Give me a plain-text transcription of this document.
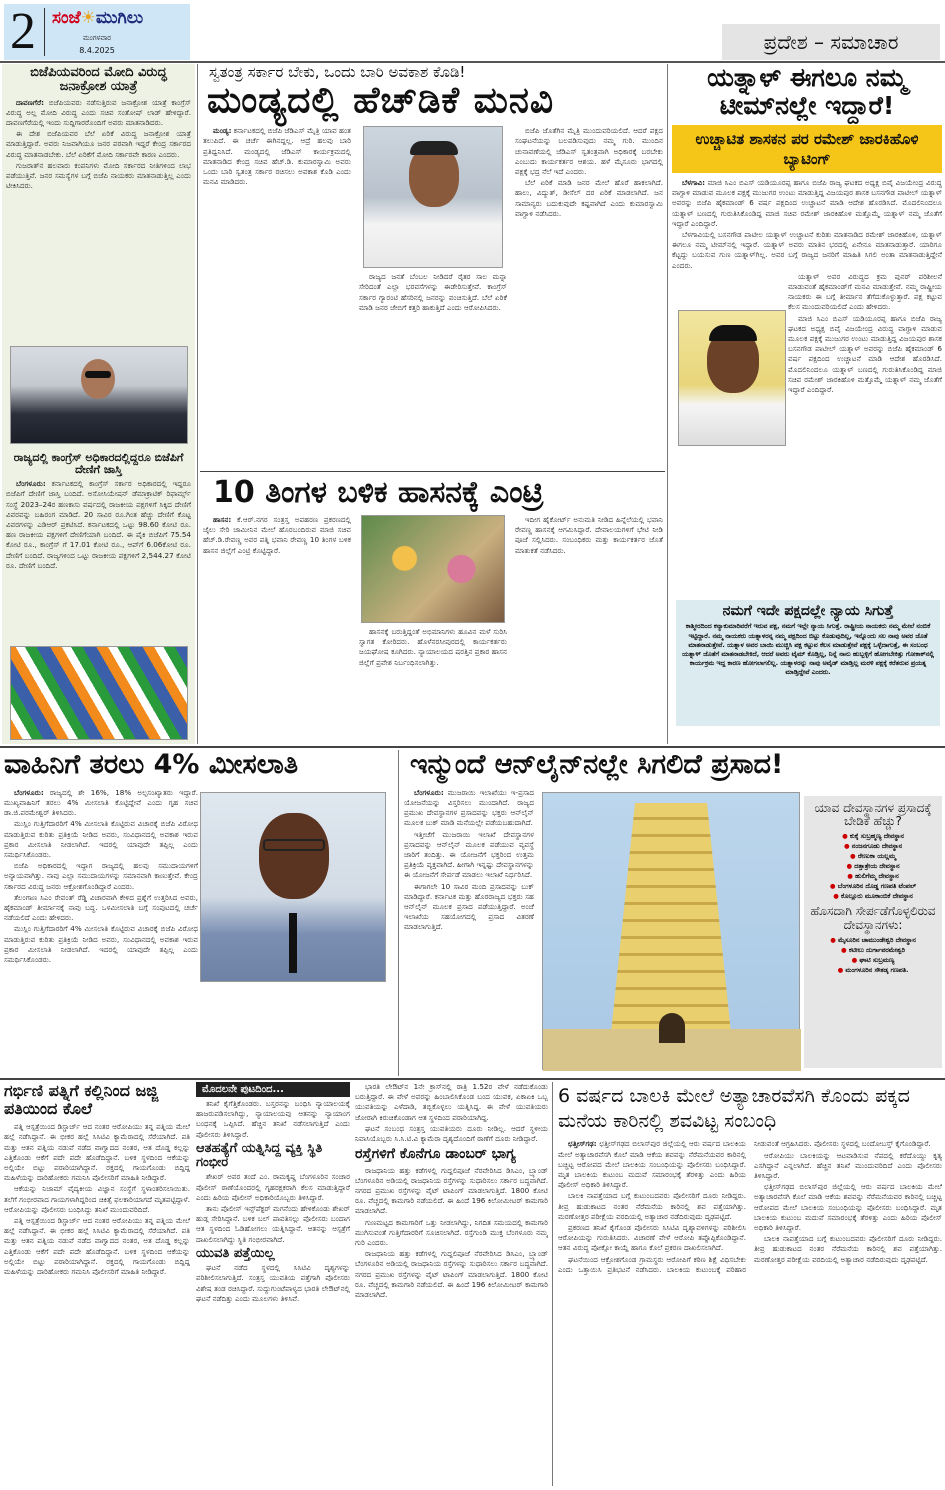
2 ಸಂಜೆ☀ಮುಗಿಲು
ಮಂಗಳವಾರ
8.4.2025	ಪ್ರದೇಶ – ಸಮಾಚಾರ
ಬಿಜೆಪಿಯವರಿಂದ ಮೋದಿ ವಿರುದ್ಧ ಜನಾಕ್ರೋಶ ಯಾತ್ರೆ

ದಾವಣಗೆರೆ: ಬಿಜೆಪಿಯವರು ನಡೆಸುತ್ತಿರುವ ಜನಾಕ್ರೋಶ ಯಾತ್ರೆ ಕಾಂಗ್ರೆಸ್ ವಿರುದ್ಧ ಅಲ್ಲ ಮೋದಿ ವಿರುದ್ಧ ಎಂದು ಸಚಿವ ಸಂತೋಷ್ ಲಾಡ್ ಹೇಳಿದ್ದಾರೆ. ದಾವಣಗೆರೆಯಲ್ಲಿ ಇಂದು ಸುದ್ದಿಗಾರರೊಂದಿಗೆ ಅವರು ಮಾತನಾಡಿದರು.

ಈ ದೇಶ ಬಿಜೆಪಿಯವರ ಬೆಲೆ ಏರಿಕೆ ವಿರುದ್ಧ ಜನಾಕ್ರೋಶ ಯಾತ್ರೆ ಮಾಡುತ್ತಿದ್ದಾರೆ. ಅವರು ನಿಜವಾಗಿಯೂ ಜನರ ಪರವಾಗಿ ಇದ್ದರೆ ಕೇಂದ್ರ ಸರ್ಕಾರದ ವಿರುದ್ಧ ಮಾತನಾಡಬೇಕು. ಬೆಲೆ ಏರಿಕೆಗೆ ಮೋದಿ ಸರ್ಕಾರವೇ ಕಾರಣ ಎಂದರು.

ಗುಜರಾತ್‌ನ ಹಲವಾರು ಕಂಪನಿಗಳು ಮೋದಿ ಸರ್ಕಾರದ ನೀತಿಗಳಿಂದ ಲಾಭ ಪಡೆಯುತ್ತಿವೆ. ಜನರ ಸಮಸ್ಯೆಗಳ ಬಗ್ಗೆ ಬಿಜೆಪಿ ನಾಯಕರು ಮಾತನಾಡುತ್ತಿಲ್ಲ ಎಂದು ಟೀಕಿಸಿದರು.

ರಾಜ್ಯದಲ್ಲಿ ಕಾಂಗ್ರೆಸ್ ಅಧಿಕಾರದಲ್ಲಿದ್ದರೂ ಬಿಜೆಪಿಗೆ ದೇಣಿಗೆ ಜಾಸ್ತಿ

ಬೆಂಗಳೂರು: ಕರ್ನಾಟಕದಲ್ಲಿ ಕಾಂಗ್ರೆಸ್ ಸರ್ಕಾರ ಅಧಿಕಾರದಲ್ಲಿ ಇದ್ದರೂ ಬಿಜೆಪಿಗೆ ದೇಣಿಗೆ ಜಾಸ್ತಿ ಬಂದಿದೆ. ಅಸೋಸಿಯೇಷನ್ ಡೆಮಾಕ್ರಾಟಿಕ್ ರಿಫಾರ್ಮ್ಸ್ ಸಂಸ್ಥೆ 2023–24ರ ಹಣಕಾಸು ವರ್ಷದಲ್ಲಿ ರಾಜಕೀಯ ಪಕ್ಷಗಳಿಗೆ ಸಿಕ್ಕಿದ ದೇಣಿಗೆ ವಿವರವನ್ನು ಬಹಿರಂಗ ಮಾಡಿದೆ. 20 ಸಾವಿರ ರೂ.ಗಿಂತ ಹೆಚ್ಚು ದೇಣಿಗೆ ಕೊಟ್ಟ ವಿವರಗಳನ್ನು ಎಡಿಆರ್ ಪ್ರಕಟಿಸಿದೆ. ಕರ್ನಾಟಕದಲ್ಲಿ ಒಟ್ಟು 98.60 ಕೋಟಿ ರೂ. ಹಣ ರಾಜಕೀಯ ಪಕ್ಷಗಳಿಗೆ ದೇಣಿಗೆಯಾಗಿ ಬಂದಿದೆ. ಈ ಪೈಕಿ ಬಿಜೆಪಿಗೆ 75.54 ಕೋಟಿ ರೂ., ಕಾಂಗ್ರೆಸ್ ಗೆ 17.01 ಕೋಟಿ ರೂ., ಆಪ್‌ಗೆ 6.06ಕೋಟಿ ರೂ. ದೇಣಿಗೆ ಬಂದಿದೆ. ರಾಜ್ಯಗಳಿಂದ ಒಟ್ಟು ರಾಜಕೀಯ ಪಕ್ಷಗಳಿಗೆ 2,544.27 ಕೋಟಿ ರೂ. ದೇಣಿಗೆ ಬಂದಿದೆ.

ಸ್ವತಂತ್ರ ಸರ್ಕಾರ ಬೇಕು, ಒಂದು ಬಾರಿ ಅವಕಾಶ ಕೊಡಿ!
ಮಂಡ್ಯದಲ್ಲಿ ಹೆಚ್‌ಡಿಕೆ ಮನವಿ

ಮಂಡ್ಯ: ಕರ್ನಾಟಕದಲ್ಲಿ ಬಿಜೆಪಿ ಜೆಡಿಎಸ್ ಮೈತ್ರಿ ಯಾವ ಹಂತ ತಲುಪಿದೆ. ಈ ಚರ್ಚೆ ಈಗಿನದ್ದಲ್ಲ. ಆದ್ರೆ ಹಲವು ಬಾರಿ ಪ್ರತಿಧ್ವನಿಸಿದೆ. ಮಂಡ್ಯದಲ್ಲಿ ಜೆಡಿಎಸ್ ಕಾರ್ಯಕ್ರಮದಲ್ಲಿ ಮಾತನಾಡಿದ ಕೇಂದ್ರ ಸಚಿವ ಹೆಚ್.ಡಿ. ಕುಮಾರಸ್ವಾಮಿ ಅವರು ಒಂದು ಬಾರಿ ಸ್ವತಂತ್ರ ಸರ್ಕಾರ ರಚಿಸಲು ಅವಕಾಶ ಕೊಡಿ ಎಂದು ಮನವಿ ಮಾಡಿದರು.

ರಾಜ್ಯದ ಜನತೆ ಬೆಂಬಲ ನೀಡಿದರೆ ರೈತರ ಸಾಲ ಮನ್ನಾ ಸೇರಿದಂತೆ ಎಲ್ಲಾ ಭರವಸೆಗಳನ್ನು ಈಡೇರಿಸುತ್ತೇವೆ. ಕಾಂಗ್ರೆಸ್ ಸರ್ಕಾರ ಗ್ಯಾರಂಟಿ ಹೆಸರಿನಲ್ಲಿ ಜನರನ್ನು ವಂಚಿಸುತ್ತಿದೆ. ಬೆಲೆ ಏರಿಕೆ ಮಾಡಿ ಜನರ ಜೇಬಿಗೆ ಕತ್ತರಿ ಹಾಕುತ್ತಿದೆ ಎಂದು ಆರೋಪಿಸಿದರು.

ಬಿಜೆಪಿ ಜೊತೆಗಿನ ಮೈತ್ರಿ ಮುಂದುವರಿಯಲಿದೆ. ಆದರೆ ಪಕ್ಷದ ಸಂಘಟನೆಯನ್ನು ಬಲಪಡಿಸುವುದು ನಮ್ಮ ಗುರಿ. ಮುಂದಿನ ಚುನಾವಣೆಯಲ್ಲಿ ಜೆಡಿಎಸ್ ಸ್ವತಂತ್ರವಾಗಿ ಅಧಿಕಾರಕ್ಕೆ ಬರಬೇಕು ಎಂಬುದು ಕಾರ್ಯಕರ್ತರ ಆಶಯ. ಹಳೆ ಮೈಸೂರು ಭಾಗದಲ್ಲಿ ಪಕ್ಷಕ್ಕೆ ಭದ್ರ ನೆಲೆ ಇದೆ ಎಂದರು.

ಬೆಲೆ ಏರಿಕೆ ಮಾಡಿ ಜನರ ಮೇಲೆ ಹೊರೆ ಹಾಕಲಾಗಿದೆ. ಹಾಲು, ವಿದ್ಯುತ್, ಡೀಸೆಲ್ ದರ ಏರಿಕೆ ಮಾಡಲಾಗಿದೆ. ಜನ ಸಾಮಾನ್ಯರು ಬದುಕುವುದೇ ಕಷ್ಟವಾಗಿದೆ ಎಂದು ಕುಮಾರಸ್ವಾಮಿ ವಾಗ್ದಾಳಿ ನಡೆಸಿದರು.

10 ತಿಂಗಳ ಬಳಿಕ ಹಾಸನಕ್ಕೆ ಎಂಟ್ರಿ

ಹಾಸನ: ಕೆ.ಆರ್.ನಗರ ಸಂತ್ರಸ್ತ ಅಪಹರಣ ಪ್ರಕರಣದಲ್ಲಿ ಜೈಲು ಸೇರಿ ಜಾಮೀನಿನ ಮೇಲೆ ಹೊರಬಂದಿರುವ ಮಾಜಿ ಸಚಿವ ಹೆಚ್.ಡಿ.ರೇವಣ್ಣ ಅವರ ಪತ್ನಿ ಭವಾನಿ ರೇವಣ್ಣ 10 ತಿಂಗಳ ಬಳಿಕ ಹಾಸನ ಜಿಲ್ಲೆಗೆ ಎಂಟ್ರಿ ಕೊಟ್ಟಿದ್ದಾರೆ.

ಹಾಸನಕ್ಕೆ ಬರುತ್ತಿದ್ದಂತೆ ಅಭಿಮಾನಿಗಳು ಹೂವಿನ ಮಳೆ ಸುರಿಸಿ ಸ್ವಾಗತ ಕೋರಿದರು. ಹೊಳೆನರಸೀಪುರದಲ್ಲಿ ಕಾರ್ಯಕರ್ತರು ಜಯಘೋಷ ಕೂಗಿದರು. ನ್ಯಾಯಾಲಯದ ಷರತ್ತಿನ ಪ್ರಕಾರ ಹಾಸನ ಜಿಲ್ಲೆಗೆ ಪ್ರವೇಶ ನಿರ್ಬಂಧಿಸಲಾಗಿತ್ತು.

ಇದೀಗ ಹೈಕೋರ್ಟ್ ಅನುಮತಿ ನೀಡಿದ ಹಿನ್ನೆಲೆಯಲ್ಲಿ ಭವಾನಿ ರೇವಣ್ಣ ಹಾಸನಕ್ಕೆ ಆಗಮಿಸಿದ್ದಾರೆ. ದೇವಾಲಯಗಳಿಗೆ ಭೇಟಿ ನೀಡಿ ಪೂಜೆ ಸಲ್ಲಿಸಿದರು. ಸಂಬಂಧಿಕರು ಮತ್ತು ಕಾರ್ಯಕರ್ತರ ಜೊತೆ ಮಾತುಕತೆ ನಡೆಸಿದರು.

ಯತ್ನಾಳ್ ಈಗಲೂ ನಮ್ಮ ಟೀಮ್‌ನಲ್ಲೇ ಇದ್ದಾರೆ!
ಉಚ್ಚಾಟಿತ ಶಾಸಕನ ಪರ ರಮೇಶ್ ಜಾರಕಿಹೊಳಿ ಬ್ಯಾಟಿಂಗ್

ಬೆಳಗಾವಿ: ಮಾಜಿ ಸಿಎಂ ಬಿಎಸ್ ಯಡಿಯೂರಪ್ಪ ಹಾಗೂ ಬಿಜೆಪಿ ರಾಜ್ಯ ಘಟಕದ ಅಧ್ಯಕ್ಷ ಬಿವೈ ವಿಜಯೇಂದ್ರ ವಿರುದ್ಧ ವಾಗ್ದಾಳಿ ಮಾಡುವ ಮೂಲಕ ಪಕ್ಷಕ್ಕೆ ಮುಜುಗರ ಉಂಟು ಮಾಡುತ್ತಿದ್ದ ವಿಜಯಪುರ ಶಾಸಕ ಬಸನಗೌಡ ಪಾಟೀಲ್ ಯತ್ನಾಳ್ ಅವರನ್ನು ಬಿಜೆಪಿ ಹೈಕಮಾಂಡ್ 6 ವರ್ಷ ಪಕ್ಷದಿಂದ ಉಚ್ಚಾಟನೆ ಮಾಡಿ ಆದೇಶ ಹೊರಡಿಸಿದೆ. ಮೊದಲಿನಿಂದಲೂ ಯತ್ನಾಳ್ ಬಣದಲ್ಲಿ ಗುರುತಿಸಿಕೊಂಡಿದ್ದ ಮಾಜಿ ಸಚಿವ ರಮೇಶ್ ಜಾರಕಿಹೊಳಿ ಮತ್ತೊಮ್ಮೆ ಯತ್ನಾಳ್ ನಮ್ಮ ಜೊತೆಗೆ ಇದ್ದಾರೆ ಎಂದಿದ್ದಾರೆ.

ಬೆಳಗಾವಿಯಲ್ಲಿ ಬಸನಗೌಡ ಪಾಟೀಲ ಯತ್ನಾಳ್ ಉಚ್ಚಾಟನೆ ಕುರಿತು ಮಾತನಾಡಿದ ರಮೇಶ್ ಜಾರಕಿಹೊಳಿ, ಯತ್ನಾಳ್ ಈಗಲೂ ನಮ್ಮ ಟೀಮ್‌ನಲ್ಲಿ ಇದ್ದಾರೆ. ಯತ್ನಾಳ್ ಅವರು ಮಾತಿನ ಭರದಲ್ಲಿ ಏನೇನೂ ಮಾತನಾಡುತ್ತಾರೆ. ಯಾರಿಗೂ ಕೆಟ್ಟದ್ದು ಬಯಸುವ ಗುಣ ಯತ್ನಾಳ್‌ಗಿಲ್ಲ. ಅವರ ಬಗ್ಗೆ ರಾಜ್ಯದ ಜನರಿಗೆ ಮಾಹಿತಿ ಸಿಗಲಿ ಅಂತಾ ಮಾತನಾಡುತ್ತಿದ್ದೇನೆ ಎಂದರು.

ಯತ್ನಾಳ್ ಅವರ ವಿರುದ್ಧದ ಕ್ರಮ ಪುನರ್ ಪರಿಶೀಲನೆ ಮಾಡುವಂತೆ ಹೈಕಮಾಂಡ್‌ಗೆ ಮನವಿ ಮಾಡುತ್ತೇವೆ. ನಮ್ಮ ರಾಷ್ಟ್ರೀಯ ನಾಯಕರು ಈ ಬಗ್ಗೆ ತೀರ್ಮಾನ ತೆಗೆದುಕೊಳ್ಳುತ್ತಾರೆ. ಪಕ್ಷ ಕಟ್ಟುವ ಕೆಲಸ ಮುಂದುವರಿಯಲಿದೆ ಎಂದು ಹೇಳಿದರು.

ಮಾಜಿ ಸಿಎಂ ಬಿಎಸ್ ಯಡಿಯೂರಪ್ಪ ಹಾಗೂ ಬಿಜೆಪಿ ರಾಜ್ಯ ಘಟಕದ ಅಧ್ಯಕ್ಷ ಬಿವೈ ವಿಜಯೇಂದ್ರ ವಿರುದ್ಧ ವಾಗ್ದಾಳಿ ಮಾಡುವ ಮೂಲಕ ಪಕ್ಷಕ್ಕೆ ಮುಜುಗರ ಉಂಟು ಮಾಡುತ್ತಿದ್ದ ವಿಜಯಪುರ ಶಾಸಕ ಬಸನಗೌಡ ಪಾಟೀಲ್ ಯತ್ನಾಳ್ ಅವರನ್ನು ಬಿಜೆಪಿ ಹೈಕಮಾಂಡ್ 6 ವರ್ಷ ಪಕ್ಷದಿಂದ ಉಚ್ಚಾಟನೆ ಮಾಡಿ ಆದೇಶ ಹೊರಡಿಸಿದೆ. ಮೊದಲಿನಿಂದಲೂ ಯತ್ನಾಳ್ ಬಣದಲ್ಲಿ ಗುರುತಿಸಿಕೊಂಡಿದ್ದ ಮಾಜಿ ಸಚಿವ ರಮೇಶ್ ಜಾರಕಿಹೊಳಿ ಮತ್ತೊಮ್ಮೆ ಯತ್ನಾಳ್ ನಮ್ಮ ಜೊತೆಗೆ ಇದ್ದಾರೆ ಎಂದಿದ್ದಾರೆ.

ನಮಗೆ ಇದೇ ಪಕ್ಷದಲ್ಲೇ ನ್ಯಾಯ ಸಿಗುತ್ತೆ
ಕಾಶ್ಮೀರದಿಂದ ಕನ್ಯಾಕುಮಾರಿವರೆಗೆ ಇರುವ ಪಕ್ಷ, ನಮಗೆ ಇಲ್ಲೇ ನ್ಯಾಯ ಸಿಗುತ್ತೆ. ರಾಷ್ಟ್ರೀಯ ನಾಯಕರು ನಮ್ಮ ಮೇಲೆ ನಂಬಿಕೆ ಇಟ್ಟಿದ್ದಾರೆ. ನಮ್ಮ ನಾಯಕರು ಯತ್ನಾಳರನ್ನ ನಮ್ಮ ಪಕ್ಷದಿಂದ ಬಿಟ್ಟು ಕೊಡುವುದಿಲ್ಲ, ಇನ್ನೊಂದು ಸಲ ನಾವು ಅವರ ಜೊತೆ ಮಾತನಾಡುತ್ತೇವೆ. ಯತ್ನಾಳ ಅವರ ಬಾಯಿ ಮುಚ್ಚಿಸಿ ಪಕ್ಷ ಕಟ್ಟುವ ಕೆಲಸ ಮಾಡುತ್ತೇವೆ ಪಕ್ಷಕ್ಕೆ ಒಳ್ಳೆದಾಗುತ್ತೆ, ಈ ಸಂಬಂಧ ಯತ್ನಾಳ್ ಜೊತೆಗೆ ಮಾತನಾಡಬೇಕಿದೆ, ಆದರೆ ಅವರು ಟೈಮ್ ಕೊಡ್ತಿಲ್ಲ, ನಿನ್ನೆ ನಾನು ಹುಬ್ಬಳ್ಳಿಗೆ ಹೋಗಬೇಕಿತ್ತು ಗೋಕಾಕ್‌ನಲ್ಲಿ ಕಾರ್ಯಕ್ರಮ ಇದ್ದ ಕಾರಣ ಹೋಗಲಾಗಲಿಲ್ಲ. ಯತ್ನಾಳರನ್ನು ನಾವು ಅವೈಡ್ ಮಾಡ್ತಿಲ್ಲ ಮರಳಿ ಪಕ್ಷಕ್ಕೆ ಕರೆತರುವ ಪ್ರಯತ್ನ ಮಾಡ್ತಿದ್ದೇವೆ ಎಂದರು.
ವಾಹಿನಿಗೆ ತರಲು 4% ಮೀಸಲಾತಿ

ಬೆಂಗಳೂರು: ರಾಜ್ಯದಲ್ಲಿ ಶೇ 16%, 18% ಅಲ್ಪಸಂಖ್ಯಾತರು ಇದ್ದಾರೆ. ಮುಖ್ಯವಾಹಿನಿಗೆ ತರಲು 4% ಮೀಸಲಾತಿ ಕೊಟ್ಟಿದ್ದೇವೆ ಎಂದು ಗೃಹ ಸಚಿವ ಡಾ.ಜಿ.ಪರಮೇಶ್ವರ್ ತಿಳಿಸಿದರು.

ಮುಸ್ಲಿಂ ಗುತ್ತಿಗೆದಾರರಿಗೆ 4% ಮೀಸಲಾತಿ ಕೊಟ್ಟಿರುವ ವಿಚಾರಕ್ಕೆ ಬಿಜೆಪಿ ವಿರೋಧ ಮಾಡುತ್ತಿರುವ ಕುರಿತು ಪ್ರತಿಕ್ರಿಯೆ ನೀಡಿದ ಅವರು, ಸಂವಿಧಾನದಲ್ಲಿ ಅವಕಾಶ ಇರುವ ಪ್ರಕಾರ ಮೀಸಲಾತಿ ನೀಡಲಾಗಿದೆ. ಇದರಲ್ಲಿ ಯಾವುದೇ ತಪ್ಪಿಲ್ಲ ಎಂದು ಸಮರ್ಥಿಸಿಕೊಂಡರು.

ಬಿಜೆಪಿ ಅಧಿಕಾರದಲ್ಲಿ ಇದ್ದಾಗ ರಾಜ್ಯದಲ್ಲಿ ಹಲವು ಸಮುದಾಯಗಳಿಗೆ ಅನ್ಯಾಯವಾಗಿತ್ತು. ನಾವು ಎಲ್ಲಾ ಸಮುದಾಯಗಳನ್ನು ಸಮಾನವಾಗಿ ಕಾಣುತ್ತೇವೆ. ಕೇಂದ್ರ ಸರ್ಕಾರದ ವಿರುದ್ಧ ಜನರು ಆಕ್ರೋಶಗೊಂಡಿದ್ದಾರೆ ಎಂದರು.

ತೆಲಂಗಾಣ ಸಿಎಂ ರೇವಂತ್ ರೆಡ್ಡಿ ವಿಚಾರವಾಗಿ ಕೇಳಿದ ಪ್ರಶ್ನೆಗೆ ಉತ್ತರಿಸಿದ ಅವರು, ಹೈಕಮಾಂಡ್ ತೀರ್ಮಾನಕ್ಕೆ ನಾವು ಬದ್ಧ. ಒಳಮೀಸಲಾತಿ ಬಗ್ಗೆ ಸಂಪುಟದಲ್ಲಿ ಚರ್ಚೆ ನಡೆಯಲಿದೆ ಎಂದು ಹೇಳಿದರು.

ಮುಸ್ಲಿಂ ಗುತ್ತಿಗೆದಾರರಿಗೆ 4% ಮೀಸಲಾತಿ ಕೊಟ್ಟಿರುವ ವಿಚಾರಕ್ಕೆ ಬಿಜೆಪಿ ವಿರೋಧ ಮಾಡುತ್ತಿರುವ ಕುರಿತು ಪ್ರತಿಕ್ರಿಯೆ ನೀಡಿದ ಅವರು, ಸಂವಿಧಾನದಲ್ಲಿ ಅವಕಾಶ ಇರುವ ಪ್ರಕಾರ ಮೀಸಲಾತಿ ನೀಡಲಾಗಿದೆ. ಇದರಲ್ಲಿ ಯಾವುದೇ ತಪ್ಪಿಲ್ಲ ಎಂದು ಸಮರ್ಥಿಸಿಕೊಂಡರು.

ಇನ್ಮುಂದೆ ಆನ್‌ಲೈನ್‌ನಲ್ಲೇ ಸಿಗಲಿದೆ ಪ್ರಸಾದ!

ಬೆಂಗಳೂರು: ಮುಜರಾಯಿ ಇಲಾಖೆಯು ಇ-ಪ್ರಸಾದ ಯೋಜನೆಯನ್ನು ವಿಸ್ತರಿಸಲು ಮುಂದಾಗಿದೆ. ರಾಜ್ಯದ ಪ್ರಮುಖ ದೇವಸ್ಥಾನಗಳ ಪ್ರಸಾದವನ್ನು ಭಕ್ತರು ಆನ್‌ಲೈನ್ ಮೂಲಕ ಬುಕ್ ಮಾಡಿ ಮನೆಯಲ್ಲೇ ಪಡೆಯಬಹುದಾಗಿದೆ.

ಇತ್ತೀಚೆಗೆ ಮುಜರಾಯಿ ಇಲಾಖೆ ದೇವಸ್ಥಾನಗಳ ಪ್ರಸಾದವನ್ನು ಆನ್‌ಲೈನ್ ಮೂಲಕ ಪಡೆಯುವ ವ್ಯವಸ್ಥೆ ಜಾರಿಗೆ ತಂದಿತ್ತು. ಈ ಯೋಜನೆಗೆ ಭಕ್ತರಿಂದ ಉತ್ತಮ ಪ್ರತಿಕ್ರಿಯೆ ವ್ಯಕ್ತವಾಗಿದೆ. ಹೀಗಾಗಿ ಇನ್ನಷ್ಟು ದೇವಸ್ಥಾನಗಳನ್ನು ಈ ಯೋಜನೆಗೆ ಸೇರ್ಪಡೆ ಮಾಡಲು ಇಲಾಖೆ ನಿರ್ಧರಿಸಿದೆ.

ಈಗಾಗಲೇ 10 ಸಾವಿರ ಮಂದಿ ಪ್ರಸಾದವನ್ನು ಬುಕ್ ಮಾಡಿದ್ದಾರೆ. ಕರ್ನಾಟಕ ಮತ್ತು ಹೊರರಾಜ್ಯದ ಭಕ್ತರು ಸಹ ಆನ್‌ಲೈನ್ ಮೂಲಕ ಪ್ರಸಾದ ಪಡೆಯುತ್ತಿದ್ದಾರೆ. ಅಂಚೆ ಇಲಾಖೆಯ ಸಹಯೋಗದಲ್ಲಿ ಪ್ರಸಾದ ವಿತರಣೆ ಮಾಡಲಾಗುತ್ತಿದೆ.

ಯಾವ ದೇವಸ್ಥಾನಗಳ ಪ್ರಸಾದಕ್ಕೆ ಬೇಡಿಕೆ ಹೆಚ್ಚು?
● ಕುಕ್ಕೆ ಸುಬ್ರಹ್ಮಣ್ಯ ದೇವಸ್ಥಾನ
● ನಂಜನಗೂಡು ದೇವಸ್ಥಾನ
● ರೇಣುಕಾ ಯಲ್ಲಮ್ಮ
● ದತ್ತಾತ್ರೇಯ ದೇವಸ್ಥಾನ
● ಹುಲಿಗೆಮ್ಮ ದೇವಸ್ಥಾನ
● ಬೆಂಗಳೂರಿನ ದೊಡ್ಡ ಗಣಪತಿ ಟೆಂಪಲ್
● ಕೊಲ್ಲೂರು ಮೂಕಾಂಬಿಕೆ ದೇವಸ್ಥಾನ
ಹೊಸದಾಗಿ ಸೇರ್ಪಡೆಗೊಳ್ಳಲಿರುವ ದೇವಸ್ಥಾನಗಳು:
● ಮೈಸೂರಿನ ಚಾಮುಂಡೇಶ್ವರಿ ದೇವಸ್ಥಾನ
● ಕಟೀಲು ದುರ್ಗಾಪರಮೇಶ್ವರಿ
● ಘಾಟಿ ಸುಬ್ರಮಣ್ಯ
● ಮಂಗಳೂರಿನ ಸೌತಡ್ಕ ಗಣಪತಿ.
ಗರ್ಭಿಣಿ ಪತ್ನಿಗೆ ಕಲ್ಲಿನಿಂದ ಜಜ್ಜಿ ಪತಿಯಿಂದ ಕೊಲೆ

ಪತ್ನಿ ಆಸ್ಪತ್ರೆಯಿಂದ ಡಿಸ್ಚಾರ್ಜ್ ಆದ ನಂತರ ಆರೋಪಿಯು ತನ್ನ ಪತ್ನಿಯ ಮೇಲೆ ಹಲ್ಲೆ ನಡೆಸಿದ್ದಾನೆ. ಈ ಭೀಕರ ಹಲ್ಲೆ ಸಿಸಿಟಿವಿ ಕ್ಯಾಮೆರಾದಲ್ಲಿ ಸೆರೆಯಾಗಿದೆ. ಪತಿ ಮತ್ತು ಆತನ ಪತ್ನಿಯ ನಡುವೆ ನಡೆದ ವಾಗ್ವಾದದ ನಂತರ, ಆತ ದೊಡ್ಡ ಕಲ್ಲನ್ನು ಎತ್ತಿಕೊಂಡು ಆಕೆಗೆ ಪದೇ ಪದೇ ಹೊಡೆದಿದ್ದಾನೆ. ಬಳಿಕ ಸ್ಥಳದಿಂದ ಆಕೆಯನ್ನು ಅಲ್ಲಿಯೇ ಬಿಟ್ಟು ಪರಾರಿಯಾಗಿದ್ದಾನೆ. ರಕ್ತದಲ್ಲಿ ಗಾಯಗೊಂಡು ಬಿದ್ದಿದ್ದ ಮಹಿಳೆಯನ್ನು ದಾರಿಹೋಕರು ಗಮನಿಸಿ ಪೊಲೀಸರಿಗೆ ಮಾಹಿತಿ ನೀಡಿದ್ದಾರೆ.

ಆಕೆಯನ್ನು ನಿಜಾಮ್ ವೈದ್ಯಕೀಯ ವಿಜ್ಞಾನ ಸಂಸ್ಥೆಗೆ ಸ್ಥಳಾಂತರಿಸಲಾಯಿತು. ತಲೆಗೆ ಗಂಭೀರವಾದ ಗಾಯಗಳಾಗಿದ್ದರಿಂದ ಚಿಕಿತ್ಸೆ ಫಲಕಾರಿಯಾಗದೆ ಮೃತಪಟ್ಟಿದ್ದಾಳೆ. ಆರೋಪಿಯನ್ನು ಪೊಲೀಸರು ಬಂಧಿಸಿದ್ದು ತನಿಖೆ ಮುಂದುವರಿದಿದೆ.

ಪತ್ನಿ ಆಸ್ಪತ್ರೆಯಿಂದ ಡಿಸ್ಚಾರ್ಜ್ ಆದ ನಂತರ ಆರೋಪಿಯು ತನ್ನ ಪತ್ನಿಯ ಮೇಲೆ ಹಲ್ಲೆ ನಡೆಸಿದ್ದಾನೆ. ಈ ಭೀಕರ ಹಲ್ಲೆ ಸಿಸಿಟಿವಿ ಕ್ಯಾಮೆರಾದಲ್ಲಿ ಸೆರೆಯಾಗಿದೆ. ಪತಿ ಮತ್ತು ಆತನ ಪತ್ನಿಯ ನಡುವೆ ನಡೆದ ವಾಗ್ವಾದದ ನಂತರ, ಆತ ದೊಡ್ಡ ಕಲ್ಲನ್ನು ಎತ್ತಿಕೊಂಡು ಆಕೆಗೆ ಪದೇ ಪದೇ ಹೊಡೆದಿದ್ದಾನೆ. ಬಳಿಕ ಸ್ಥಳದಿಂದ ಆಕೆಯನ್ನು ಅಲ್ಲಿಯೇ ಬಿಟ್ಟು ಪರಾರಿಯಾಗಿದ್ದಾನೆ. ರಕ್ತದಲ್ಲಿ ಗಾಯಗೊಂಡು ಬಿದ್ದಿದ್ದ ಮಹಿಳೆಯನ್ನು ದಾರಿಹೋಕರು ಗಮನಿಸಿ ಪೊಲೀಸರಿಗೆ ಮಾಹಿತಿ ನೀಡಿದ್ದಾರೆ.

ಮೊದಲನೇ ಪುಟದಿಂದ...

ತನಿಖೆ ಕೈಗೆತ್ತಿಕೊಂಡರು. ಬಸ್ತರನನ್ನು ಬಂಧಿಸಿ ನ್ಯಾಯಾಲಯಕ್ಕೆ ಹಾಜರುಪಡಿಸಲಾಗಿದ್ದು, ನ್ಯಾಯಾಲಯವು ಆತನನ್ನು ನ್ಯಾಯಾಂಗ ಬಂಧನಕ್ಕೆ ಒಪ್ಪಿಸಿದೆ. ಹೆಚ್ಚಿನ ತನಿಖೆ ನಡೆಸಲಾಗುತ್ತಿದೆ ಎಂದು ಪೊಲೀಸರು ತಿಳಿಸಿದ್ದಾರೆ.

ಆತಹತ್ಯೆಗೆ ಯತ್ನಿಸಿದ್ದ ವ್ಯಕ್ತಿ ಸ್ಥಿತಿ ಗಂಭೀರ

ಶೇಖರ್ ಅವರ ತಂದೆ ಎಂ. ರಾಮಕೃಷ್ಣ ಬೆಂಗಳೂರಿನ ಸಂಚಾರ ಪೊಲೀಸ್ ಠಾಣೆಯೊಂದರಲ್ಲಿ ಗೃಹರಕ್ಷಕರಾಗಿ ಕೆಲಸ ಮಾಡುತ್ತಿದ್ದಾರೆ ಎಂದು ಹಿರಿಯ ಪೊಲೀಸ್ ಅಧಿಕಾರಿಯೊಬ್ಬರು ತಿಳಿಸಿದ್ದಾರೆ.

ತಾನು ಪೊಲೀಸ್ ಇನ್ಸ್‌ಪೆಕ್ಟರ್ ಮಗನೆಂದು ಹೇಳಿಕೊಂಡು ಶೇಖರ್ ಹುಡ್ಗ ಸೇರಿಸಿದ್ದಾನೆ. ಬಳಿಕ ಬಲ್ ಪಾವತಿಸಲ್ಲು ಪೊಲೀಸರು ಬಂದಾಗ ಆತ ಸ್ಥಳದಿಂದ ಓಡಿಹೋಗಲು ಯತ್ನಿಸಿದ್ದಾನೆ. ಆತನನ್ನು ಆಸ್ಪತ್ರೆಗೆ ದಾಖಲಿಸಲಾಗಿದ್ದು ಸ್ಥಿತಿ ಗಂಭೀರವಾಗಿದೆ.

ಯುವತಿ ಪತ್ತೆಯಿಲ್ಲ

ಘಟನೆ ನಡೆದ ಸ್ಥಳದಲ್ಲಿ ಸಿಸಿಟಿವಿ ದೃಶ್ಯಗಳನ್ನು ಪರಿಶೀಲಿಸಲಾಗುತ್ತಿದೆ. ಸಂತ್ರಸ್ತ ಯುವತಿಯ ಪತ್ತೆಗಾಗಿ ಪೊಲೀಸರು ವಿಶೇಷ ತಂಡ ರಚಿಸಿದ್ದಾರೆ. ಸುದ್ದುಗುಂಟೆಪಾಳ್ಯದ ಭಾರತಿ ಲೇಔಟ್‌ನಲ್ಲಿ ಘಟನೆ ನಡೆದಿತ್ತು ಎಂದು ಮೂಲಗಳು ತಿಳಿಸಿವೆ.

ಭಾರತಿ ಲೇಔಟ್‌ನ 1ನೇ ಕ್ರಾಸ್‌ನಲ್ಲಿ ರಾತ್ರಿ 1.52ರ ವೇಳೆ ನಡೆದುಕೊಂಡು ಬರುತ್ತಿದ್ದಾರೆ. ಈ ವೇಳೆ ಅವರನ್ನು ಹಿಂಬಾಲಿಸಿಕೊಂಡ ಬಂದ ಯುವಕ, ಏಕಾಏಕಿ ಒಬ್ಬ ಯುವತಿಯನ್ನು ಎಳೆದಾಡಿ, ತಬ್ಬಿಕೊಳ್ಳಲು ಯತ್ನಿಸಿದ್ದ. ಈ ವೇಳೆ ಯುವತಿಯರು ಜೋರಾಗಿ ಕಿರುಚಿಕೊಂಡಾಗ ಆತ ಸ್ಥಳದಿಂದ ಪರಾರಿಯಾಗಿದ್ದ.

ಘಟನೆ ಸಂಬಂಧ ಸಂತ್ರಸ್ತ ಯುವತಿಯರು ದೂರು ನೀಡಿಲ್ಲ. ಆದರೆ ಸ್ಥಳೀಯ ನಿವಾಸಿಯೊಬ್ಬರು ಸಿ.ಸಿ.ಟಿ.ವಿ ಕ್ಯಾಮೆರಾ ದೃಶ್ಯದೊಂದಿಗೆ ಠಾಣೆಗೆ ದೂರು ನೀಡಿದ್ದಾರೆ.

ರಸ್ತೆಗಳಿಗೆ ಕೊನೆಗೂ ಡಾಂಬರ್ ಭಾಗ್ಯ

ರಾಜಧಾನಿಯ ಹತ್ತು ಕಡೆಗಳಲ್ಲಿ ಗುದ್ದಲಿಪೂಜೆ ನೆರವೇರಿಸಿದ ಡಿಸಿಎಂ, ಬ್ರ್ಯಾಂಡ್ ಬೆಂಗಳೂರಿನ ಅಡಿಯಲ್ಲಿ ರಾಜಧಾನಿಯ ರಸ್ತೆಗಳನ್ನು ಸುಧಾರಿಸಲು ಸರ್ಕಾರ ಬದ್ಧವಾಗಿದೆ. ನಗರದ ಪ್ರಮುಖ ರಸ್ತೆಗಳನ್ನು ವೈಟ್ ಟಾಪಿಂಗ್ ಮಾಡಲಾಗುತ್ತಿದೆ. 1800 ಕೋಟಿ ರೂ. ವೆಚ್ಚದಲ್ಲಿ ಕಾಮಗಾರಿ ನಡೆಯಲಿದೆ. ಈ ಹಿಂದೆ 196 ಕಿಲೋಮೀಟರ್ ಕಾಮಗಾರಿ ಮಾಡಲಾಗಿದೆ.

ಗುಣಮಟ್ಟದ ಕಾಮಗಾರಿಗೆ ಒತ್ತು ನೀಡಲಾಗಿದ್ದು, ನಿಗದಿತ ಸಮಯದಲ್ಲಿ ಕಾಮಗಾರಿ ಮುಗಿಸುವಂತೆ ಗುತ್ತಿಗೆದಾರರಿಗೆ ಸೂಚಿಸಲಾಗಿದೆ. ರಸ್ತೆಗುಂಡಿ ಮುಕ್ತ ಬೆಂಗಳೂರು ನಮ್ಮ ಗುರಿ ಎಂದರು.

ರಾಜಧಾನಿಯ ಹತ್ತು ಕಡೆಗಳಲ್ಲಿ ಗುದ್ದಲಿಪೂಜೆ ನೆರವೇರಿಸಿದ ಡಿಸಿಎಂ, ಬ್ರ್ಯಾಂಡ್ ಬೆಂಗಳೂರಿನ ಅಡಿಯಲ್ಲಿ ರಾಜಧಾನಿಯ ರಸ್ತೆಗಳನ್ನು ಸುಧಾರಿಸಲು ಸರ್ಕಾರ ಬದ್ಧವಾಗಿದೆ. ನಗರದ ಪ್ರಮುಖ ರಸ್ತೆಗಳನ್ನು ವೈಟ್ ಟಾಪಿಂಗ್ ಮಾಡಲಾಗುತ್ತಿದೆ. 1800 ಕೋಟಿ ರೂ. ವೆಚ್ಚದಲ್ಲಿ ಕಾಮಗಾರಿ ನಡೆಯಲಿದೆ. ಈ ಹಿಂದೆ 196 ಕಿಲೋಮೀಟರ್ ಕಾಮಗಾರಿ ಮಾಡಲಾಗಿದೆ.

6 ವರ್ಷದ ಬಾಲಕಿ ಮೇಲೆ ಅತ್ಯಾಚಾರವೆಸಗಿ ಕೊಂದು ಪಕ್ಕದ ಮನೆಯ ಕಾರಿನಲ್ಲಿ ಶವವಿಟ್ಟ ಸಂಬಂಧಿ

ಛತ್ತೀಸ್‌ಗಢ: ಛತ್ತೀಸ್‌ಗಢದ ಬಿಲಾಸ್‌ಪುರ ಜಿಲ್ಲೆಯಲ್ಲಿ ಆರು ವರ್ಷದ ಬಾಲಕಿಯ ಮೇಲೆ ಅತ್ಯಾಚಾರವೆಸಗಿ ಕೊಲೆ ಮಾಡಿ ಆಕೆಯ ಶವವನ್ನು ನೆರೆಮನೆಯವರ ಕಾರಿನಲ್ಲಿ ಬಚ್ಚಿಟ್ಟ ಆರೋಪದ ಮೇಲೆ ಬಾಲಕಿಯ ಸಂಬಂಧಿಯನ್ನು ಪೊಲೀಸರು ಬಂಧಿಸಿದ್ದಾರೆ. ಮೃತ ಬಾಲಕಿಯ ಕುಟುಂಬ ಮದುವೆ ಸಮಾರಂಭಕ್ಕೆ ತೆರಳಿತ್ತು ಎಂದು ಹಿರಿಯ ಪೊಲೀಸ್ ಅಧಿಕಾರಿ ತಿಳಿಸಿದ್ದಾರೆ.

ಬಾಲಕಿ ನಾಪತ್ತೆಯಾದ ಬಗ್ಗೆ ಕುಟುಂಬದವರು ಪೊಲೀಸರಿಗೆ ದೂರು ನೀಡಿದ್ದರು. ತೀವ್ರ ಹುಡುಕಾಟದ ನಂತರ ನೆರೆಮನೆಯ ಕಾರಿನಲ್ಲಿ ಶವ ಪತ್ತೆಯಾಗಿತ್ತು. ಮರಣೋತ್ತರ ಪರೀಕ್ಷೆಯ ವರದಿಯಲ್ಲಿ ಅತ್ಯಾಚಾರ ನಡೆದಿರುವುದು ದೃಢಪಟ್ಟಿದೆ.

ಪ್ರಕರಣದ ತನಿಖೆ ಕೈಗೊಂಡ ಪೊಲೀಸರು ಸಿಸಿಟಿವಿ ದೃಶ್ಯಾವಳಿಗಳನ್ನು ಪರಿಶೀಲಿಸಿ ಆರೋಪಿಯನ್ನು ಗುರುತಿಸಿದರು. ವಿಚಾರಣೆ ವೇಳೆ ಆರೋಪಿ ತಪ್ಪೊಪ್ಪಿಕೊಂಡಿದ್ದಾನೆ. ಆತನ ವಿರುದ್ಧ ಪೋಕ್ಸೋ ಕಾಯ್ದೆ ಹಾಗೂ ಕೊಲೆ ಪ್ರಕರಣ ದಾಖಲಿಸಲಾಗಿದೆ.

ಘಟನೆಯಿಂದ ಆಕ್ರೋಶಗೊಂಡ ಗ್ರಾಮಸ್ಥರು ಆರೋಪಿಗೆ ಕಠಿಣ ಶಿಕ್ಷೆ ವಿಧಿಸಬೇಕು ಎಂದು ಒತ್ತಾಯಿಸಿ ಪ್ರತಿಭಟನೆ ನಡೆಸಿದರು. ಬಾಲಕಿಯ ಕುಟುಂಬಕ್ಕೆ ಪರಿಹಾರ ನೀಡುವಂತೆ ಆಗ್ರಹಿಸಿದರು. ಪೊಲೀಸರು ಸ್ಥಳದಲ್ಲಿ ಬಂದೋಬಸ್ತ್ ಕೈಗೊಂಡಿದ್ದಾರೆ.

ಆರೋಪಿಯು ಬಾಲಕಿಯನ್ನು ಆಟವಾಡಿಸುವ ನೆಪದಲ್ಲಿ ಕರೆದೊಯ್ದು ಕೃತ್ಯ ಎಸಗಿದ್ದಾನೆ ಎನ್ನಲಾಗಿದೆ. ಹೆಚ್ಚಿನ ತನಿಖೆ ಮುಂದುವರಿದಿದೆ ಎಂದು ಪೊಲೀಸರು ತಿಳಿಸಿದ್ದಾರೆ.

ಛತ್ತೀಸ್‌ಗಢದ ಬಿಲಾಸ್‌ಪುರ ಜಿಲ್ಲೆಯಲ್ಲಿ ಆರು ವರ್ಷದ ಬಾಲಕಿಯ ಮೇಲೆ ಅತ್ಯಾಚಾರವೆಸಗಿ ಕೊಲೆ ಮಾಡಿ ಆಕೆಯ ಶವವನ್ನು ನೆರೆಮನೆಯವರ ಕಾರಿನಲ್ಲಿ ಬಚ್ಚಿಟ್ಟ ಆರೋಪದ ಮೇಲೆ ಬಾಲಕಿಯ ಸಂಬಂಧಿಯನ್ನು ಪೊಲೀಸರು ಬಂಧಿಸಿದ್ದಾರೆ. ಮೃತ ಬಾಲಕಿಯ ಕುಟುಂಬ ಮದುವೆ ಸಮಾರಂಭಕ್ಕೆ ತೆರಳಿತ್ತು ಎಂದು ಹಿರಿಯ ಪೊಲೀಸ್ ಅಧಿಕಾರಿ ತಿಳಿಸಿದ್ದಾರೆ.

ಬಾಲಕಿ ನಾಪತ್ತೆಯಾದ ಬಗ್ಗೆ ಕುಟುಂಬದವರು ಪೊಲೀಸರಿಗೆ ದೂರು ನೀಡಿದ್ದರು. ತೀವ್ರ ಹುಡುಕಾಟದ ನಂತರ ನೆರೆಮನೆಯ ಕಾರಿನಲ್ಲಿ ಶವ ಪತ್ತೆಯಾಗಿತ್ತು. ಮರಣೋತ್ತರ ಪರೀಕ್ಷೆಯ ವರದಿಯಲ್ಲಿ ಅತ್ಯಾಚಾರ ನಡೆದಿರುವುದು ದೃಢಪಟ್ಟಿದೆ.
